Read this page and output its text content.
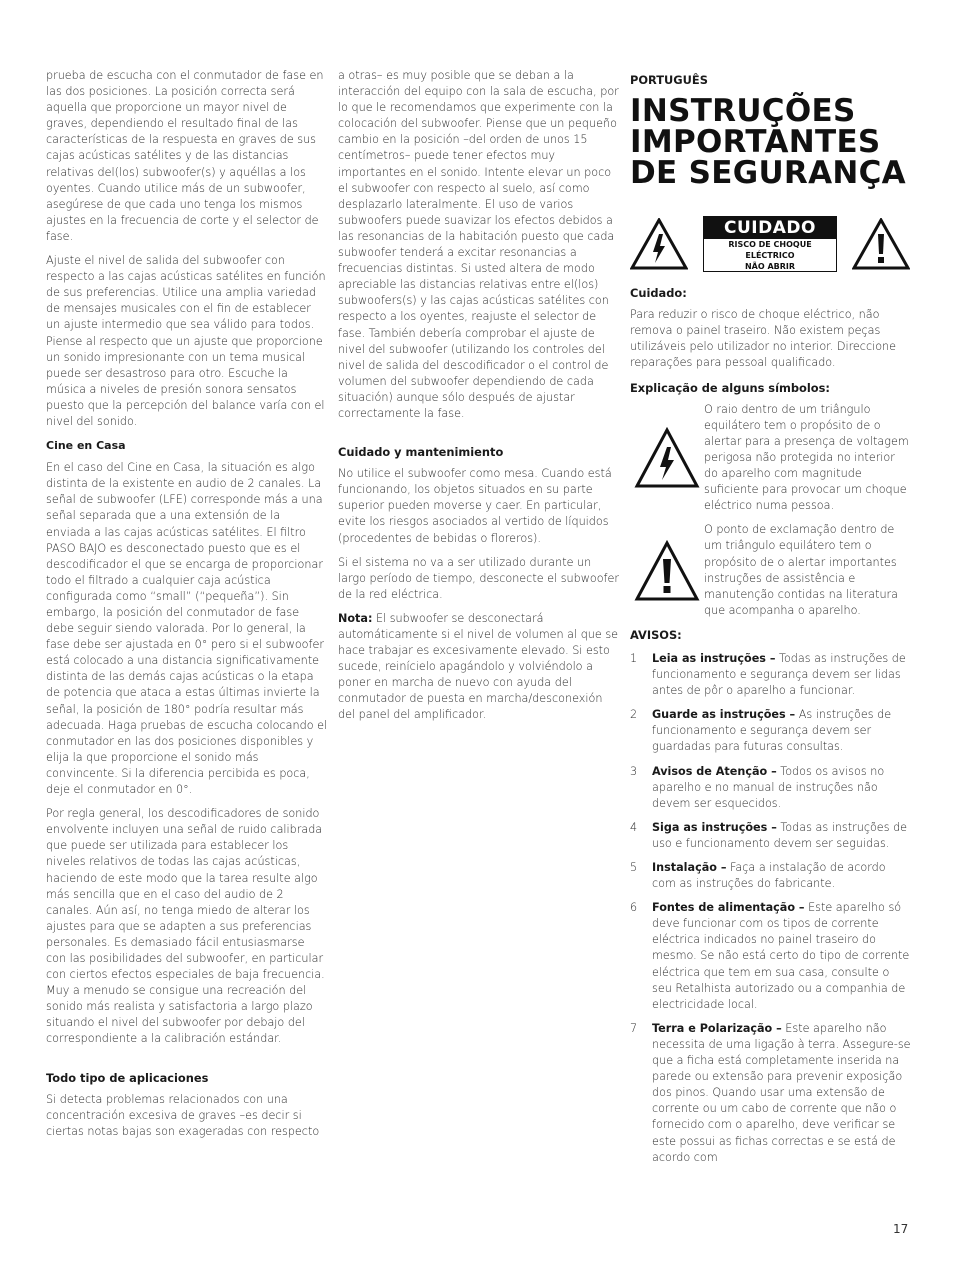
prueba de escucha con el conmutador de fase en las dos posiciones. La posición correcta será aquella que proporcione un mayor nivel de graves, dependiendo el resultado final de las características de la respuesta en graves de sus cajas acústicas satélites y de las distancias relativas del(los) subwoofer(s) y aquéllas a los oyentes. Cuando utilice más de un subwoofer, asegúrese de que cada uno tenga los mismos ajustes en la frecuencia de corte y el selector de fase.

Ajuste el nivel de salida del subwoofer con respecto a las cajas acústicas satélites en función de sus preferencias. Utilice una amplia variedad de mensajes musicales con el fin de establecer un ajuste intermedio que sea válido para todos. Piense al respecto que un ajuste que proporcione un sonido impresionante con un tema musical puede ser desastroso para otro. Escuche la música a niveles de presión sonora sensatos puesto que la percepción del balance varía con el nivel del sonido.

Cine en Casa

En el caso del Cine en Casa, la situación es algo distinta de la existente en audio de 2 canales. La señal de subwoofer (LFE) corresponde más a una señal separada que a una extensión de la enviada a las cajas acústicas satélites. El filtro PASO BAJO es desconectado puesto que es el descodificador el que se encarga de proporcionar todo el filtrado a cualquier caja acústica configurada como “small” (“pequeña”). Sin embargo, la posición del conmutador de fase debe seguir siendo valorada. Por lo general, la fase debe ser ajustada en 0° pero si el subwoofer está colocado a una distancia significativamente distinta de las demás cajas acústicas o la etapa de potencia que ataca a estas últimas invierte la señal, la posición de 180° podría resultar más adecuada. Haga pruebas de escucha colocando el conmutador en las dos posiciones disponibles y elija la que proporcione el sonido más convincente. Si la diferencia percibida es poca, deje el conmutador en 0°.

Por regla general, los descodificadores de sonido envolvente incluyen una señal de ruido calibrada que puede ser utilizada para establecer los niveles relativos de todas las cajas acústicas, haciendo de este modo que la tarea resulte algo más sencilla que en el caso del audio de 2 canales. Aún así, no tenga miedo de alterar los ajustes para que se adapten a sus preferencias personales. Es demasiado fácil entusiasmarse con las posibilidades del subwoofer, en particular con ciertos efectos especiales de baja frecuencia. Muy a menudo se consigue una recreación del sonido más realista y satisfactoria a largo plazo situando el nivel del subwoofer por debajo del correspondiente a la calibración estándar.

Todo tipo de aplicaciones

Si detecta problemas relacionados con una concentración excesiva de graves –es decir si ciertas notas bajas son exageradas con respecto

a otras– es muy posible que se deban a la interacción del equipo con la sala de escucha, por lo que le recomendamos que experimente con la colocación del subwoofer. Piense que un pequeño cambio en la posición –del orden de unos 15 centímetros– puede tener efectos muy importantes en el sonido. Intente elevar un poco el subwoofer con respecto al suelo, así como desplazarlo lateralmente. El uso de varios subwoofers puede suavizar los efectos debidos a las resonancias de la habitación puesto que cada subwoofer tenderá a excitar resonancias a frecuencias distintas. Si usted altera de modo apreciable las distancias relativas entre el(los) subwoofers(s) y las cajas acústicas satélites con respecto a los oyentes, reajuste el selector de fase. También debería comprobar el ajuste de nivel del subwoofer (utilizando los controles del nivel de salida del descodificador o el control de volumen del subwoofer dependiendo de cada situación) aunque sólo después de ajustar correctamente la fase.

Cuidado y mantenimiento

No utilice el subwoofer como mesa. Cuando está funcionando, los objetos situados en su parte superior pueden moverse y caer. En particular, evite los riesgos asociados al vertido de líquidos (procedentes de bebidas o floreros).

Si el sistema no va a ser utilizado durante un largo período de tiempo, desconecte el subwoofer de la red eléctrica.

Nota: El subwoofer se desconectará automáticamente si el nivel de volumen al que se hace trabajar es excesivamente elevado. Si esto sucede, reinícielo apagándolo y volviéndolo a poner en marcha de nuevo con ayuda del conmutador de puesta en marcha/desconexión del panel del amplificador.

PORTUGUÊS
INSTRUÇÕES
IMPORTANTES
DE SEGURANÇA
CUIDADO
RISCO DE CHOQUE ELÉCTRICO
NÃO ABRIR
Cuidado:

Para reduzir o risco de choque eléctrico, não remova o painel traseiro. Não existem peças utilizáveis pelo utilizador no interior. Direccione reparações para pessoal qualificado.

Explicação de alguns símbolos:
O raio dentro de um triângulo equilátero tem o propósito de o alertar para a presença de voltagem perigosa não protegida no interior do aparelho com magnitude suficiente para provocar um choque eléctrico numa pessoa.
O ponto de exclamação dentro de um triângulo equilátero tem o propósito de o alertar importantes instruções de assistência e manutenção contidas na literatura que acompanha o aparelho.
AVISOS:
1	Leia as instruções – Todas as instruções de funcionamento e segurança devem ser lidas antes de pôr o aparelho a funcionar.
2	Guarde as instruções – As instruções de funcionamento e segurança devem ser guardadas para futuras consultas.
3	Avisos de Atenção – Todos os avisos no aparelho e no manual de instruções não devem ser esquecidos.
4	Siga as instruções – Todas as instruções de uso e funcionamento devem ser seguidas.
5	Instalação – Faça a instalação de acordo com as instruções do fabricante.
6	Fontes de alimentação – Este aparelho só deve funcionar com os tipos de corrente eléctrica indicados no painel traseiro do mesmo. Se não está certo do tipo de corrente eléctrica que tem em sua casa, consulte o seu Retalhista autorizado ou a companhia de electricidade local.
7	Terra e Polarização – Este aparelho não necessita de uma ligação à terra. Assegure-se que a ficha está completamente inserida na parede ou extensão para prevenir exposição dos pinos. Quando usar uma extensão de corrente ou um cabo de corrente que não o fornecido com o aparelho, deve verificar se este possui as fichas correctas e se está de acordo com
17
